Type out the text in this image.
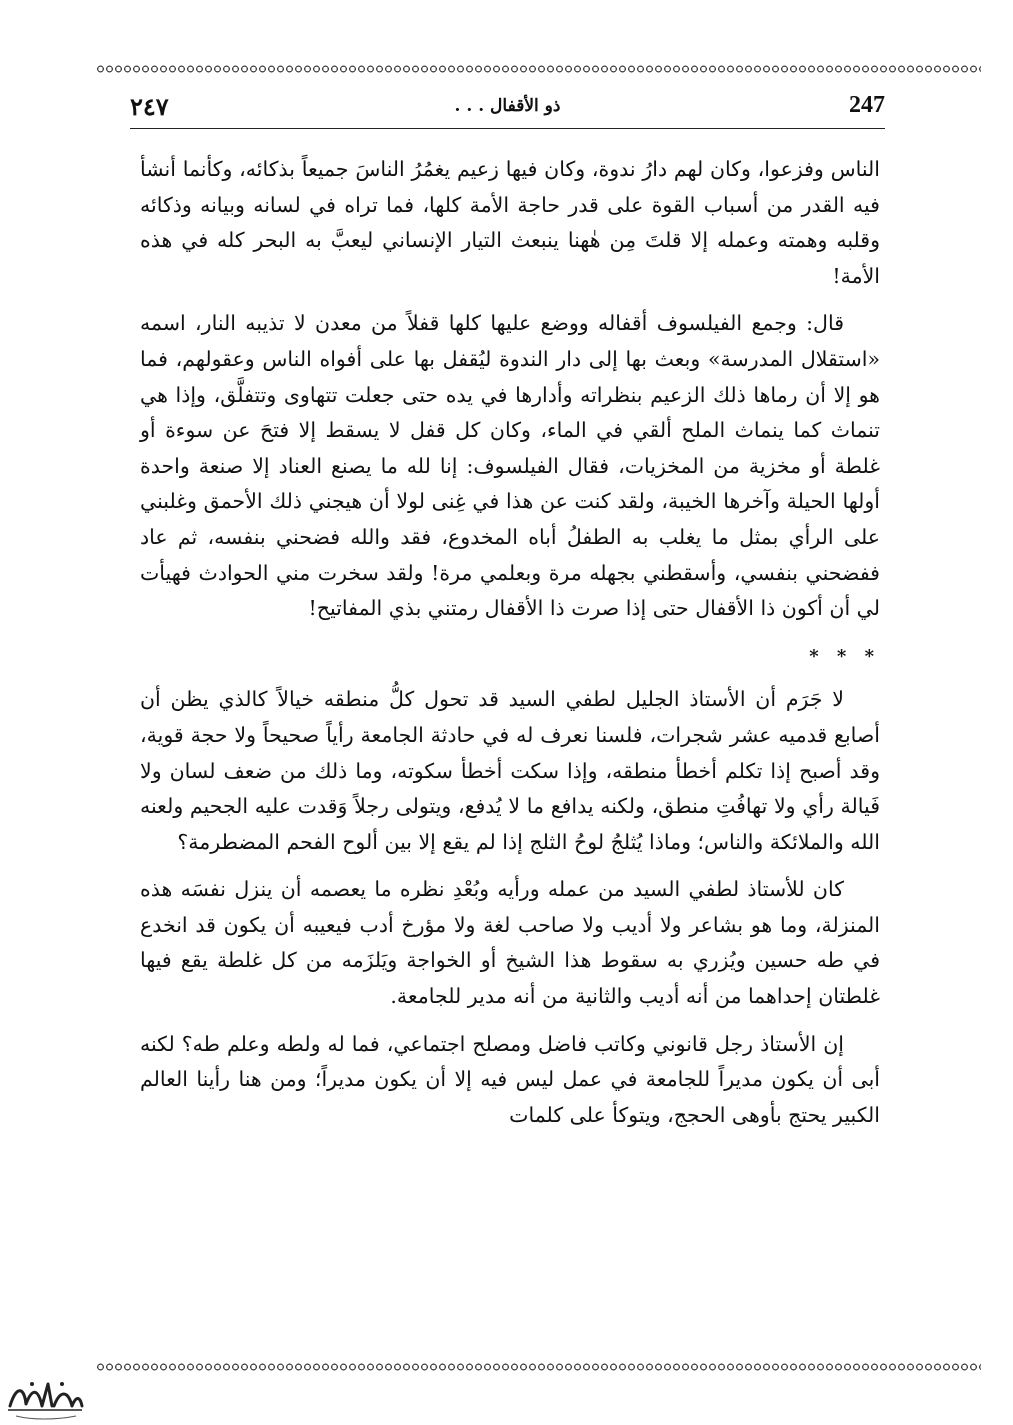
247
ذو الأقفال . . .
٢٤٧

الناس وفزعوا، وكان لهم دارُ ندوة، وكان فيها زعيم يغمُرُ الناسَ جميعاً بذكائه، وكأنما أنشأ فيه القدر من أسباب القوة على قدر حاجة الأمة كلها، فما تراه في لسانه وبيانه وذكائه وقلبه وهمته وعمله إلا قلتَ مِن هٰهنا ينبعث التيار الإنساني ليعبَّ به البحر كله في هذه الأمة!

قال: وجمع الفيلسوف أقفاله ووضع عليها كلها قفلاً من معدن لا تذيبه النار، اسمه «استقلال المدرسة» وبعث بها إلى دار الندوة ليُقفل بها على أفواه الناس وعقولهم، فما هو إلا أن رماها ذلك الزعيم بنظراته وأدارها في يده حتى جعلت تتهاوى وتتفلَّق، وإذا هي تنماث كما ينماث الملح ألقي في الماء، وكان كل قفل لا يسقط إلا فتحَ عن سوءة أو غلطة أو مخزية من المخزيات، فقال الفيلسوف: إنا لله ما يصنع العناد إلا صنعة واحدة أولها الحيلة وآخرها الخيبة، ولقد كنت عن هذا في غِنى لولا أن هيجني ذلك الأحمق وغلبني على الرأي بمثل ما يغلب به الطفلُ أباه المخدوع، فقد والله فضحني بنفسه، ثم عاد ففضحني بنفسي، وأسقطني بجهله مرة وبعلمي مرة! ولقد سخرت مني الحوادث فهيأت لي أن أكون ذا الأقفال حتى إذا صرت ذا الأقفال رمتني بذي المفاتيح!

* * *

لا جَرَم أن الأستاذ الجليل لطفي السيد قد تحول كلُّ منطقه خيالاً كالذي يظن أن أصابع قدميه عشر شجرات، فلسنا نعرف له في حادثة الجامعة رأياً صحيحاً ولا حجة قوية، وقد أصبح إذا تكلم أخطأ منطقه، وإذا سكت أخطأ سكوته، وما ذلك من ضعف لسان ولا فَيالة رأي ولا تهافُتِ منطق، ولكنه يدافع ما لا يُدفع، ويتولى رجلاً وَقدت عليه الجحيم ولعنه الله والملائكة والناس؛ وماذا يُثلجُ لوحُ الثلج إذا لم يقع إلا بين ألوح الفحم المضطرمة؟

كان للأستاذ لطفي السيد من عمله ورأيه وبُعْدِ نظره ما يعصمه أن ينزل نفسَه هذه المنزلة، وما هو بشاعر ولا أديب ولا صاحب لغة ولا مؤرخ أدب فيعيبه أن يكون قد انخدع في طه حسين ويُزري به سقوط هذا الشيخ أو الخواجة ويَلزَمه من كل غلطة يقع فيها غلطتان إحداهما من أنه أديب والثانية من أنه مدير للجامعة.

إن الأستاذ رجل قانوني وكاتب فاضل ومصلح اجتماعي، فما له ولطه وعلم طه؟ لكنه أبى أن يكون مديراً للجامعة في عمل ليس فيه إلا أن يكون مديراً؛ ومن هنا رأينا العالم الكبير يحتج بأوهى الحجج، ويتوكأ على كلمات
